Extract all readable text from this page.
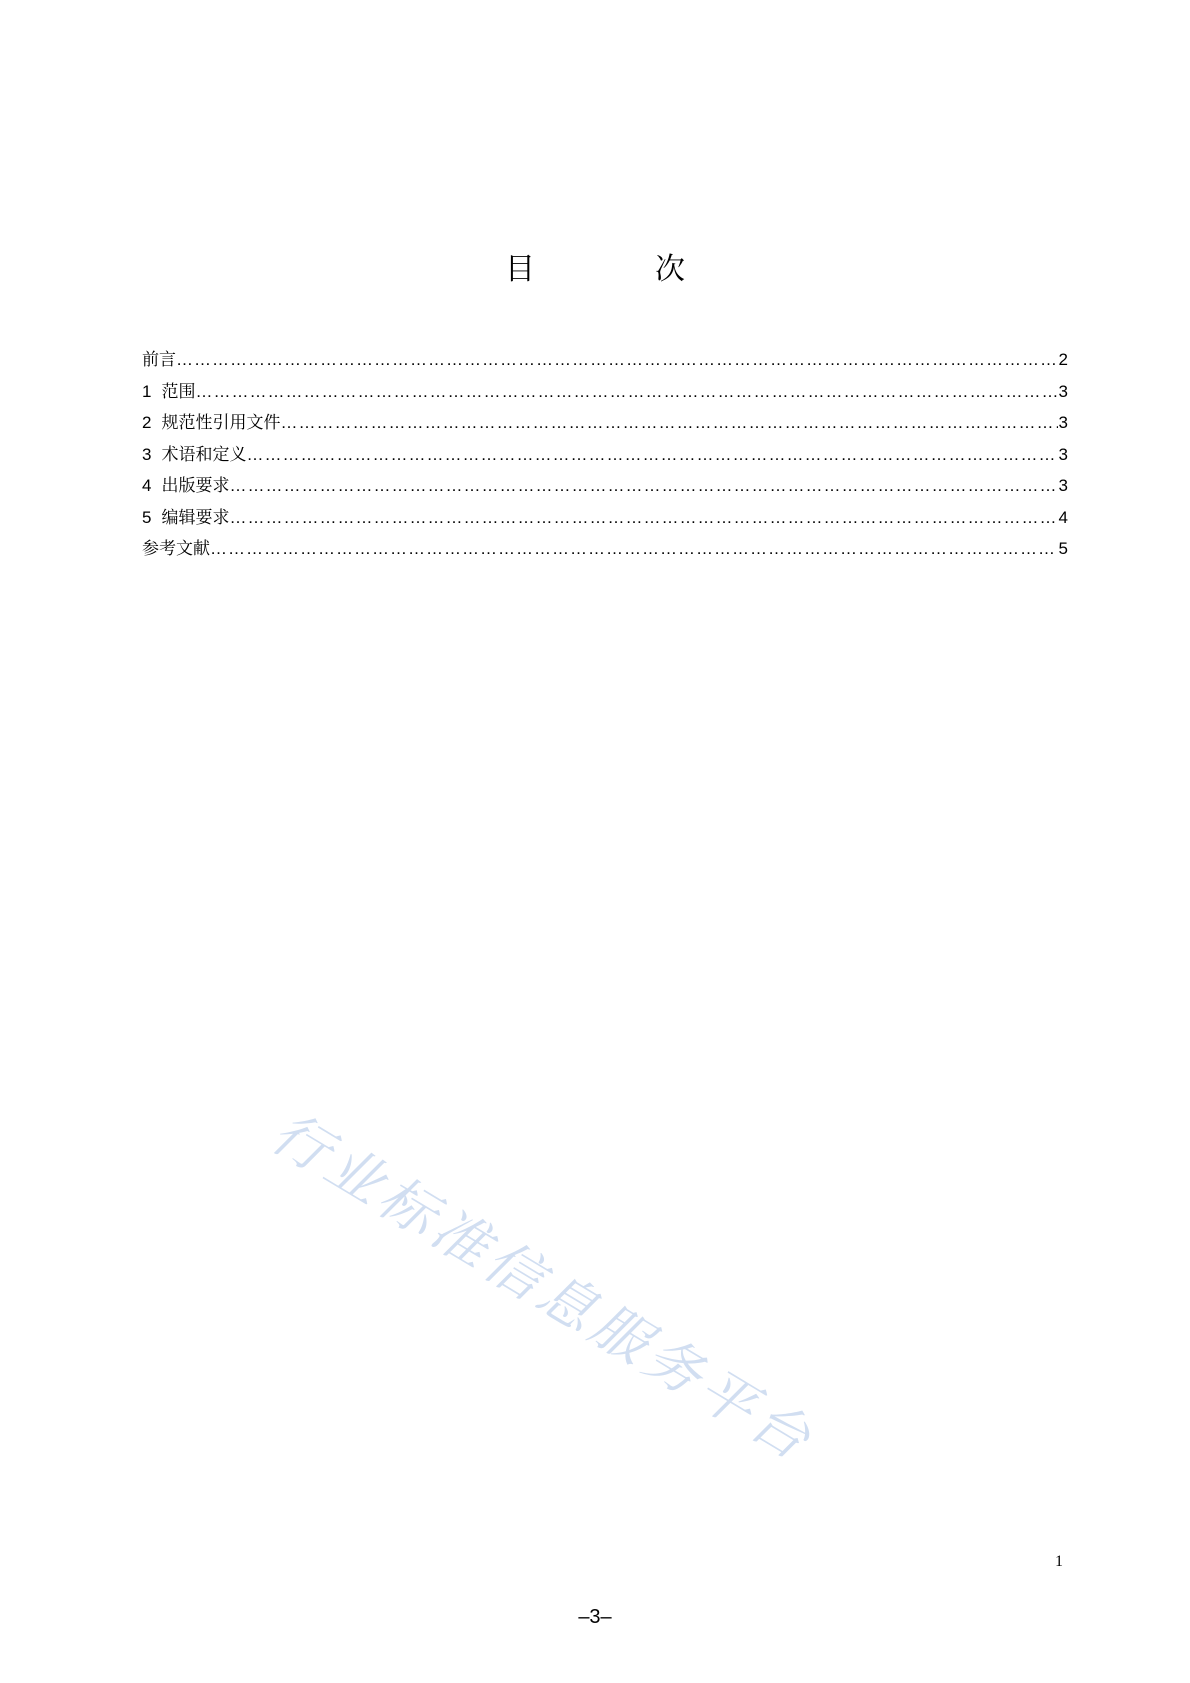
目	次
前言 ……………………………………………………………………………………………………………………………………………………………………………………………………………	2
1 范围 ……………………………………………………………………………………………………………………………………………………………………………………………………………	3
2 规范性引用文件 ……………………………………………………………………………………………………………………………………………………………………………………………………………	3
3 术语和定义 ……………………………………………………………………………………………………………………………………………………………………………………………………………	3
4 出版要求 ……………………………………………………………………………………………………………………………………………………………………………………………………………	3
5 编辑要求 ……………………………………………………………………………………………………………………………………………………………………………………………………………	4
参考文献 ……………………………………………………………………………………………………………………………………………………………………………………………………………	5
行业标准信息服务平台
1
–3–
